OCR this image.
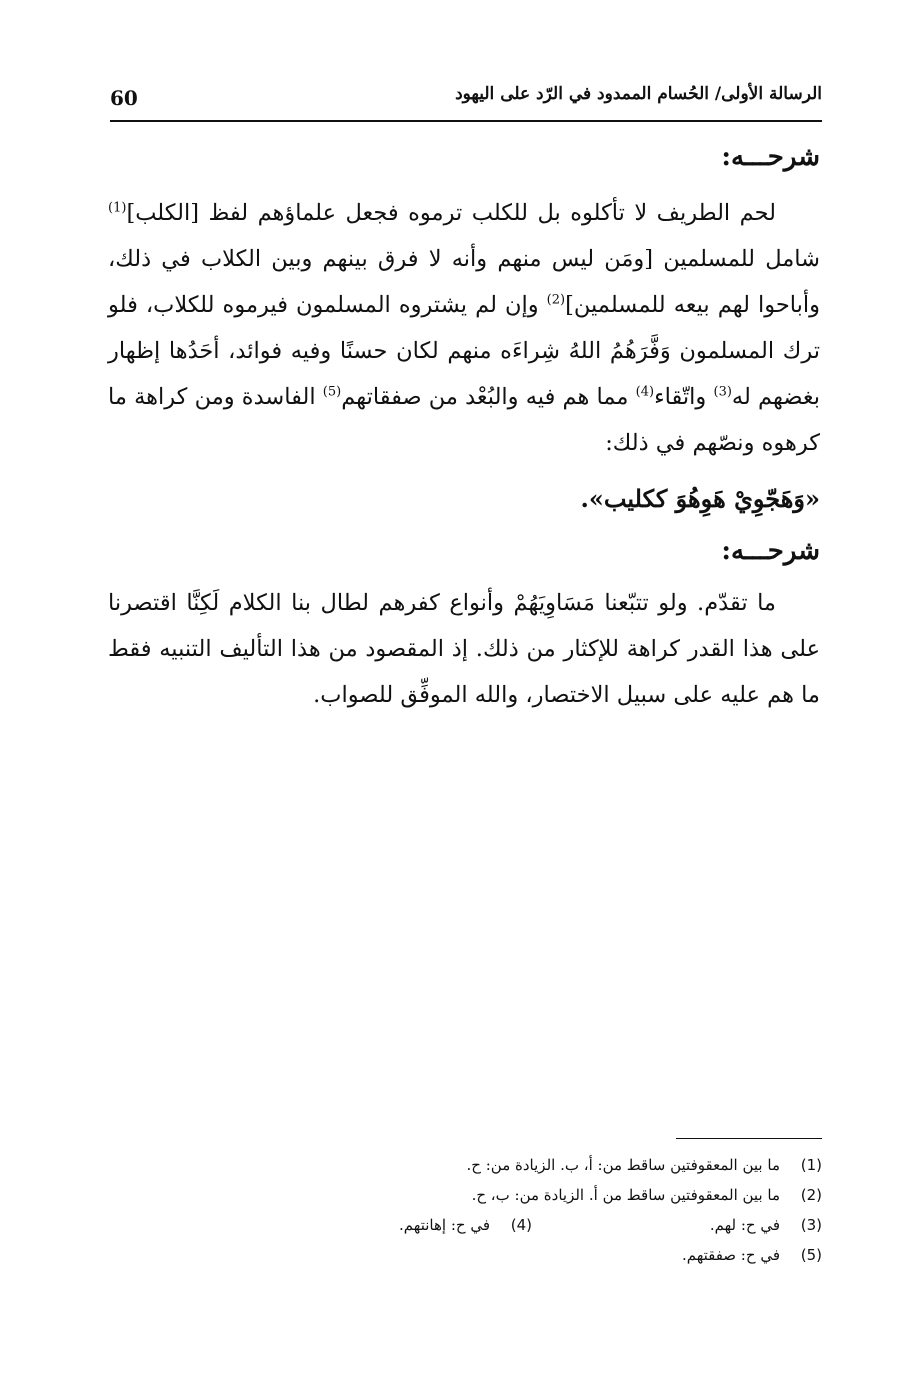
60	الرسالة الأولى/ الحُسام الممدود في الرّد على اليهود
شرحـــه:

لحم الطريف لا تأكلوه بل للكلب ترموه فجعل علماؤهم لفظ [الكلب]$^{(1)}$ شامل للمسلمين [ومَن ليس منهم وأنه لا فرق بينهم وبين الكلاب في ذلك، وأباحوا لهم بيعه للمسلمين]$^{(2)}$ وإن لم يشتروه المسلمون فيرموه للكلاب، فلو ترك المسلمون وَفَّرَهُمُ اللهُ شِراءَه منهم لكان حسنًا وفيه فوائد، أحَدُها إظهار بغضهم له$^{(3)}$ واتّقاء$^{(4)}$ مما هم فيه والبُعْد من صفقاتهم$^{(5)}$ الفاسدة ومن كراهة ما كرهوه ونصّهم في ذلك:

«وَهَجّوِيْ هَوِهُوَ ككليب».
شرحـــه:

ما تقدّم. ولو تتبّعنا مَسَاوِيَهُمْ وأنواع كفرهم لطال بنا الكلام لَكِنَّا اقتصرنا على هذا القدر كراهة للإكثار من ذلك. إذ المقصود من هذا التأليف التنبيه فقط ما هم عليه على سبيل الاختصار، والله الموفِّق للصواب.

(1)ما بين المعقوفتين ساقط من: أ، ب. الزيادة من: ح.
(2)ما بين المعقوفتين ساقط من أ. الزيادة من: ب، ح.
(3)في ح: لهم.
(4)في ح: إهانتهم.
(5)في ح: صفقتهم.
